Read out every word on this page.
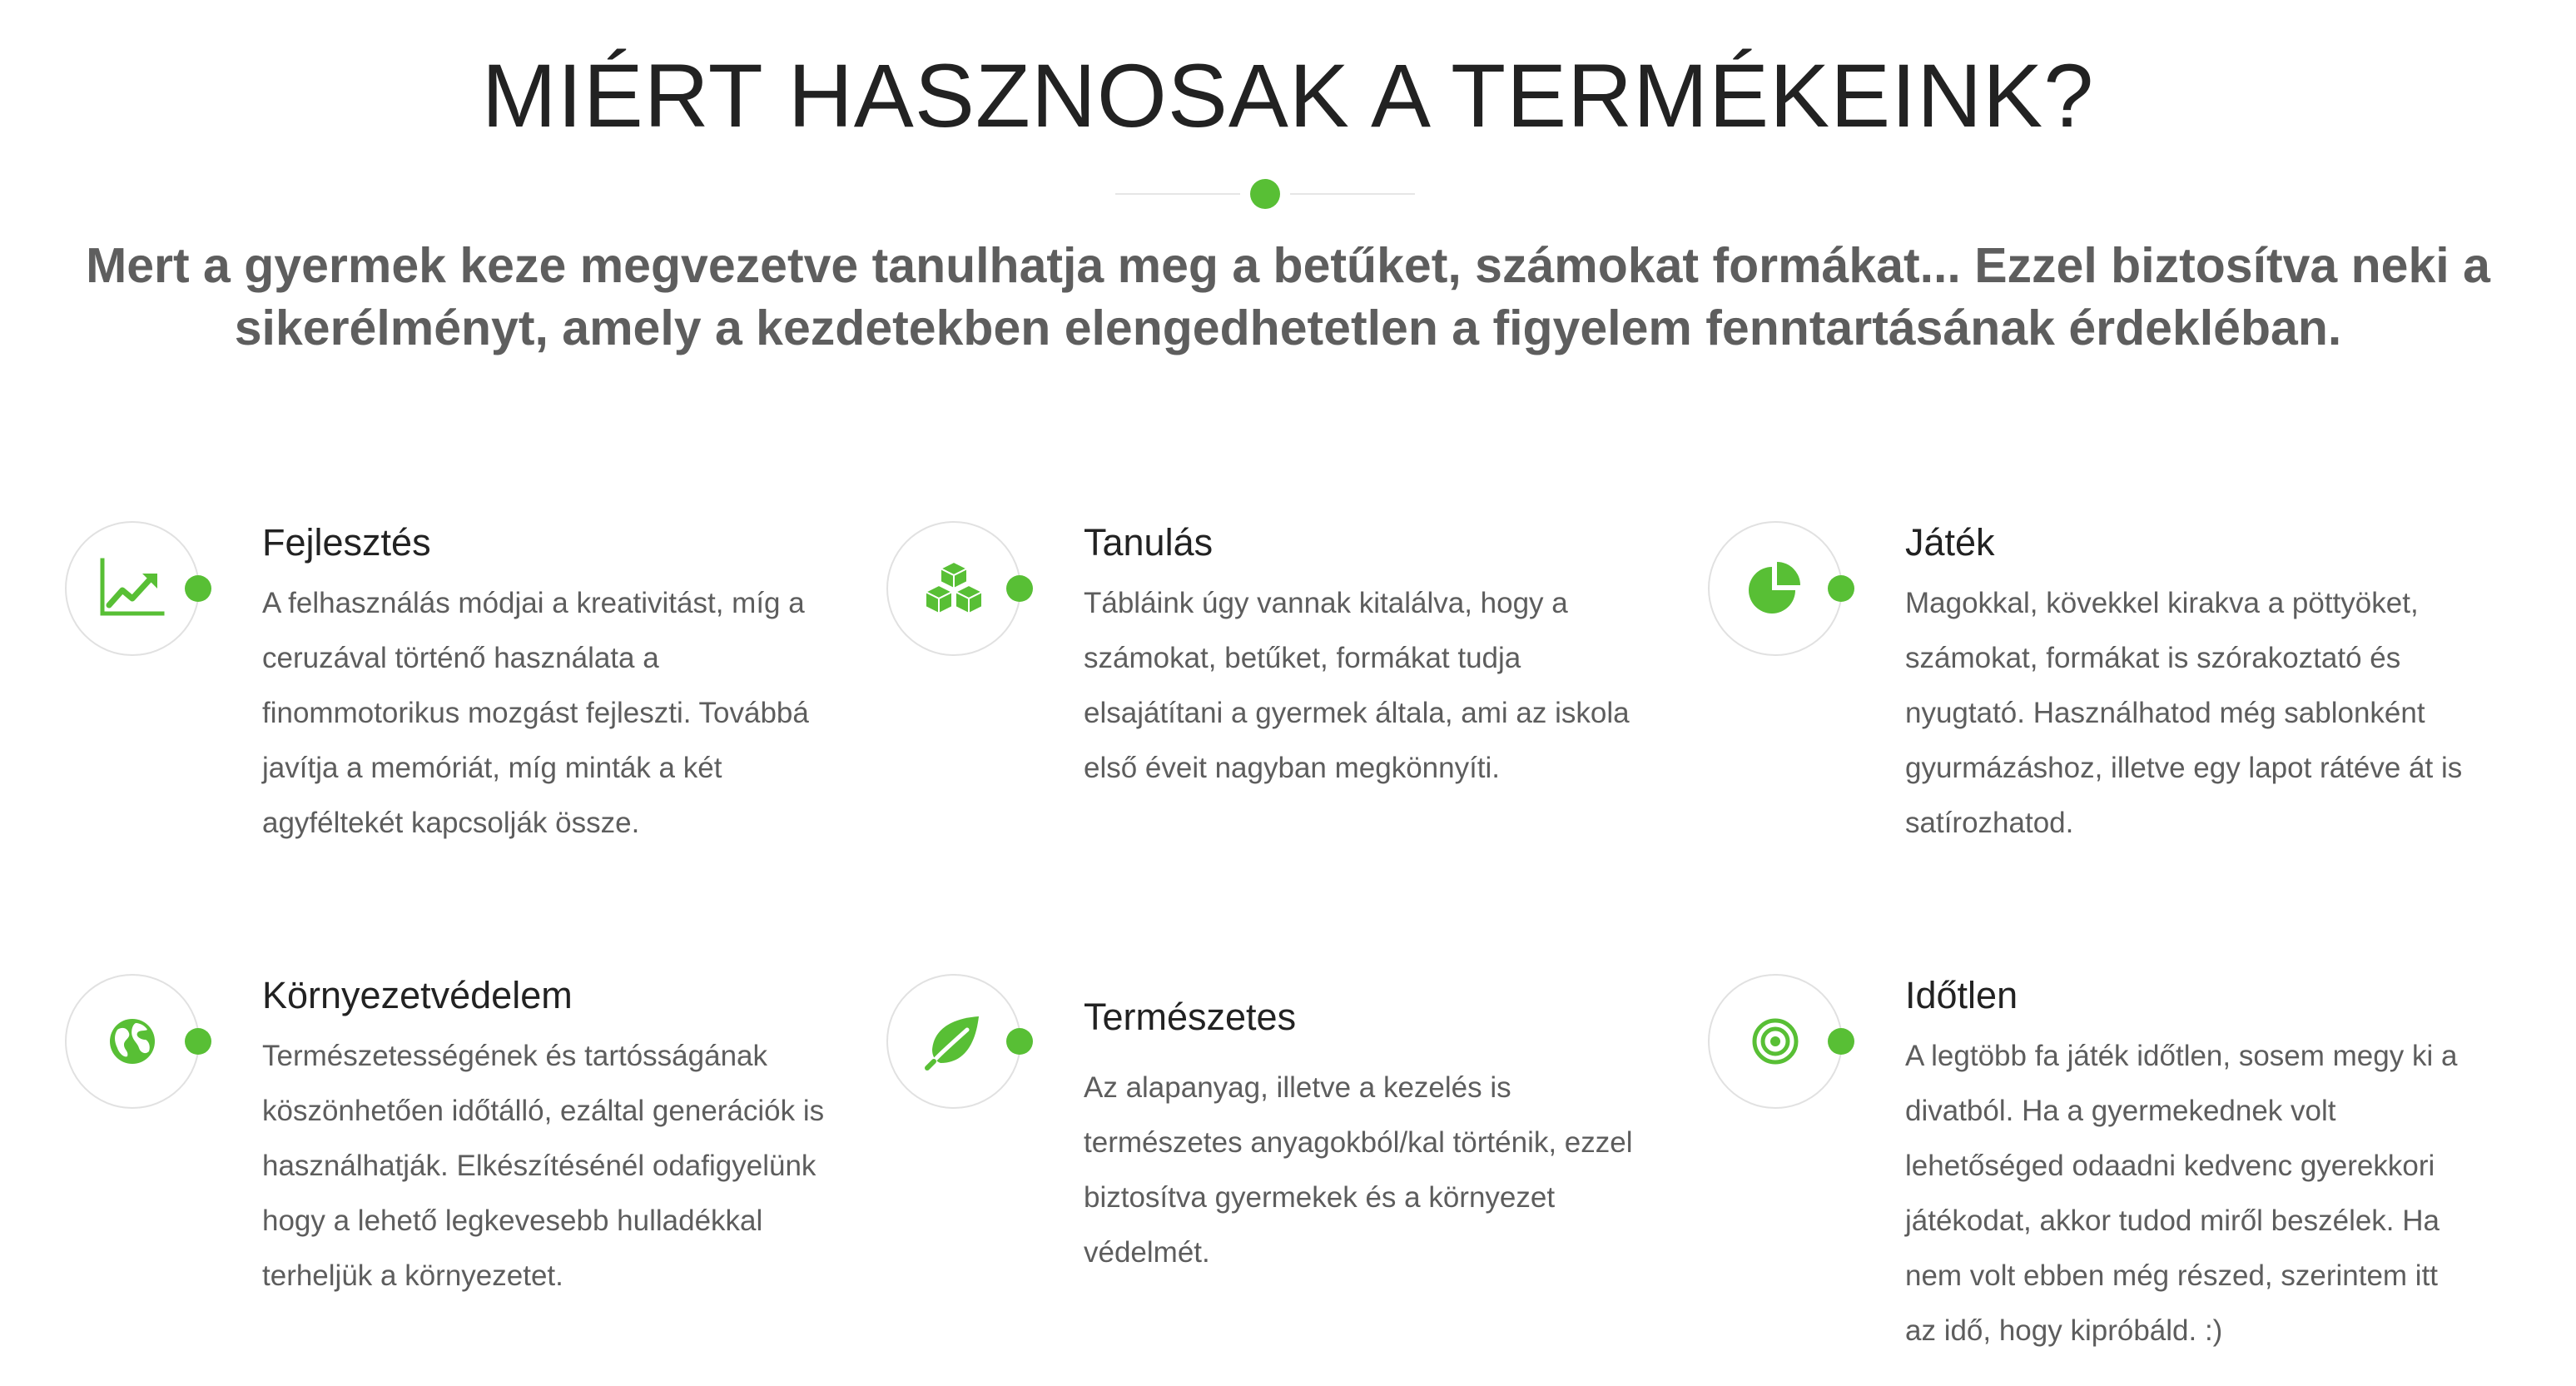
MIÉRT HASZNOSAK A TERMÉKEINK?

Mert a gyermek keze megvezetve tanulhatja meg a betűket, számokat formákat... Ezzel biztosítva neki a sikerélményt, amely a kezdetekben elengedhetetlen a figyelem fenntartásának érdekléban.

Fejlesztés

A felhasználás módjai a kreativitást, míg a ceruzával történő használata a finommotorikus mozgást fejleszti. Továbbá javítja a memóriát, míg minták a két agyféltekét kapcsolják össze.

Tanulás

Tábláink úgy vannak kitalálva, hogy a számokat, betűket, formákat tudja elsajátítani a gyermek általa, ami az iskola első éveit nagyban megkönnyíti.

Játék

Magokkal, kövekkel kirakva a pöttyöket, számokat, formákat is szórakoztató és nyugtató. Használhatod még sablonként gyurmázáshoz, illetve egy lapot rátéve át is satírozhatod.

Környezetvédelem

Természetességének és tartósságának köszönhetően időtálló, ezáltal generációk is használhatják. Elkészítésénél odafigyelünk hogy a lehető legkevesebb hulladékkal terheljük a környezetet.

Természetes

Az alapanyag, illetve a kezelés is természetes anyagokból/kal történik, ezzel biztosítva gyermekek és a környezet védelmét.

Időtlen

A legtöbb fa játék időtlen, sosem megy ki a divatból. Ha a gyermekednek volt lehetőséged odaadni kedvenc gyerekkori játékodat, akkor tudod miről beszélek. Ha nem volt ebben még részed, szerintem itt az idő, hogy kipróbáld. :)
